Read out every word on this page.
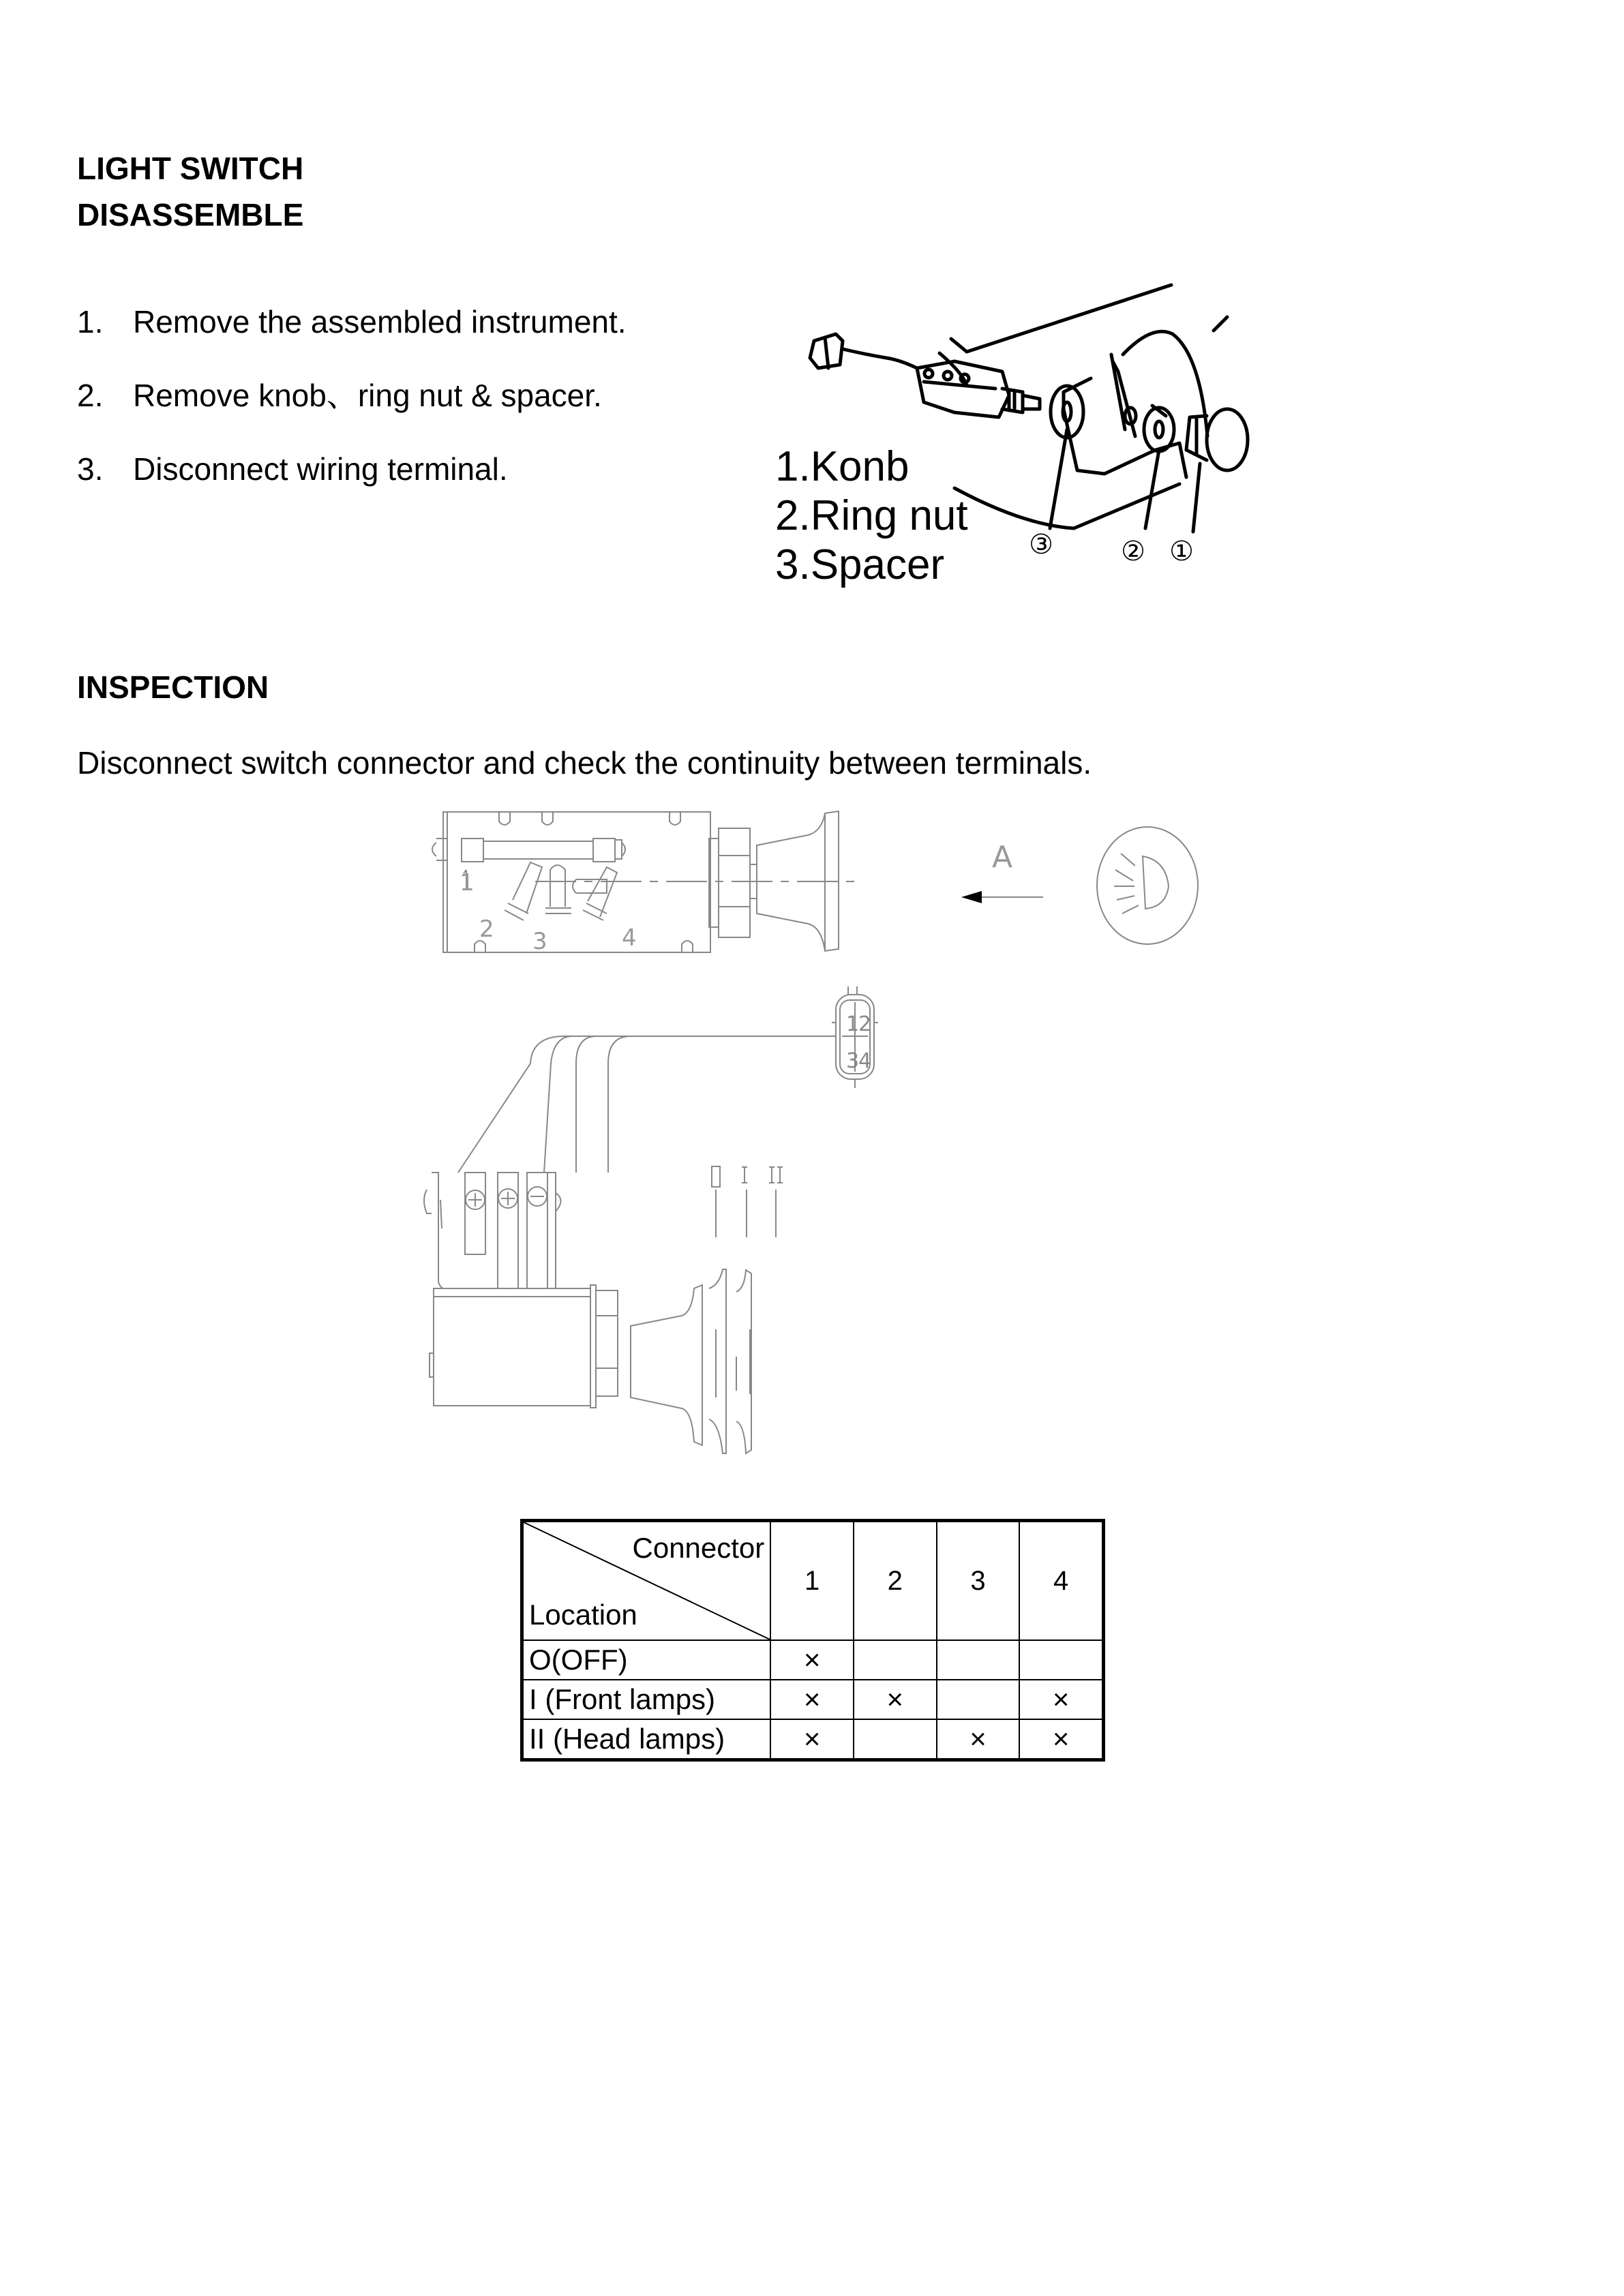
LIGHT SWITCH
DISASSEMBLE
1. Remove the assembled instrument.
2. Remove knob、ring nut & spacer.
3. Disconnect wiring terminal.	1.Konb
2.Ring nut
3.Spacer	③ ② ①
INSPECTION
Disconnect switch connector and check the continuity between terminals.
1
2 3	4
A
1
2
3
4
Connector
Location	1	2	3	4
O(OFF)	×			
I (Front lamps)	×	×		×
II (Head lamps)	×		×	×
